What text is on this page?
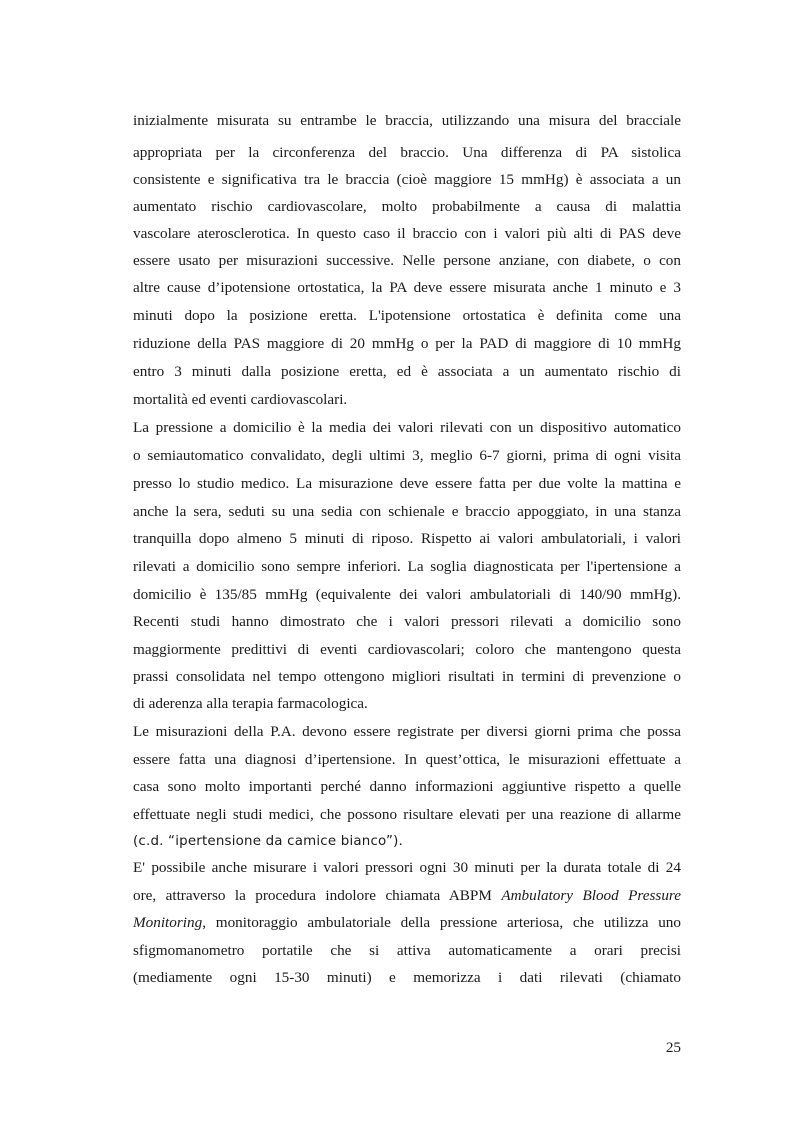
inizialmente misurata su entrambe le braccia, utilizzando una misura del bracciale
appropriata per la circonferenza del braccio. Una differenza di PA sistolica
consistente e significativa tra le braccia (cioè maggiore 15 mmHg) è associata a un
aumentato rischio cardiovascolare, molto probabilmente a causa di malattia
vascolare aterosclerotica. In questo caso il braccio con i valori più alti di PAS deve
essere usato per misurazioni successive. Nelle persone anziane, con diabete, o con
altre cause d’ipotensione ortostatica, la PA deve essere misurata anche 1 minuto e 3
minuti dopo la posizione eretta. L'ipotensione ortostatica è definita come una
riduzione della PAS maggiore di 20 mmHg o per la PAD di maggiore di 10 mmHg
entro 3 minuti dalla posizione eretta, ed è associata a un aumentato rischio di
mortalità ed eventi cardiovascolari.
La pressione a domicilio è la media dei valori rilevati con un dispositivo automatico
o semiautomatico convalidato, degli ultimi 3, meglio 6-7 giorni, prima di ogni visita
presso lo studio medico. La misurazione deve essere fatta per due volte la mattina e
anche la sera, seduti su una sedia con schienale e braccio appoggiato, in una stanza
tranquilla dopo almeno 5 minuti di riposo. Rispetto ai valori ambulatoriali, i valori
rilevati a domicilio sono sempre inferiori. La soglia diagnosticata per l'ipertensione a
domicilio è 135/85 mmHg (equivalente dei valori ambulatoriali di 140/90 mmHg).
Recenti studi hanno dimostrato che i valori pressori rilevati a domicilio sono
maggiormente predittivi di eventi cardiovascolari; coloro che mantengono questa
prassi consolidata nel tempo ottengono migliori risultati in termini di prevenzione o
di aderenza alla terapia farmacologica.
Le misurazioni della P.A. devono essere registrate per diversi giorni prima che possa
essere fatta una diagnosi d’ipertensione. In quest’ottica, le misurazioni effettuate a
casa sono molto importanti perché danno informazioni aggiuntive rispetto a quelle
effettuate negli studi medici, che possono risultare elevati per una reazione di allarme
(c.d. “ipertensione da camice bianco”).
E' possibile anche misurare i valori pressori ogni 30 minuti per la durata totale di 24
ore, attraverso la procedura indolore chiamata ABPM Ambulatory Blood Pressure
Monitoring, monitoraggio ambulatoriale della pressione arteriosa, che utilizza uno
sfigmomanometro portatile che si attiva automaticamente a orari precisi
(mediamente ogni 15-30 minuti) e memorizza i dati rilevati (chiamato
25
